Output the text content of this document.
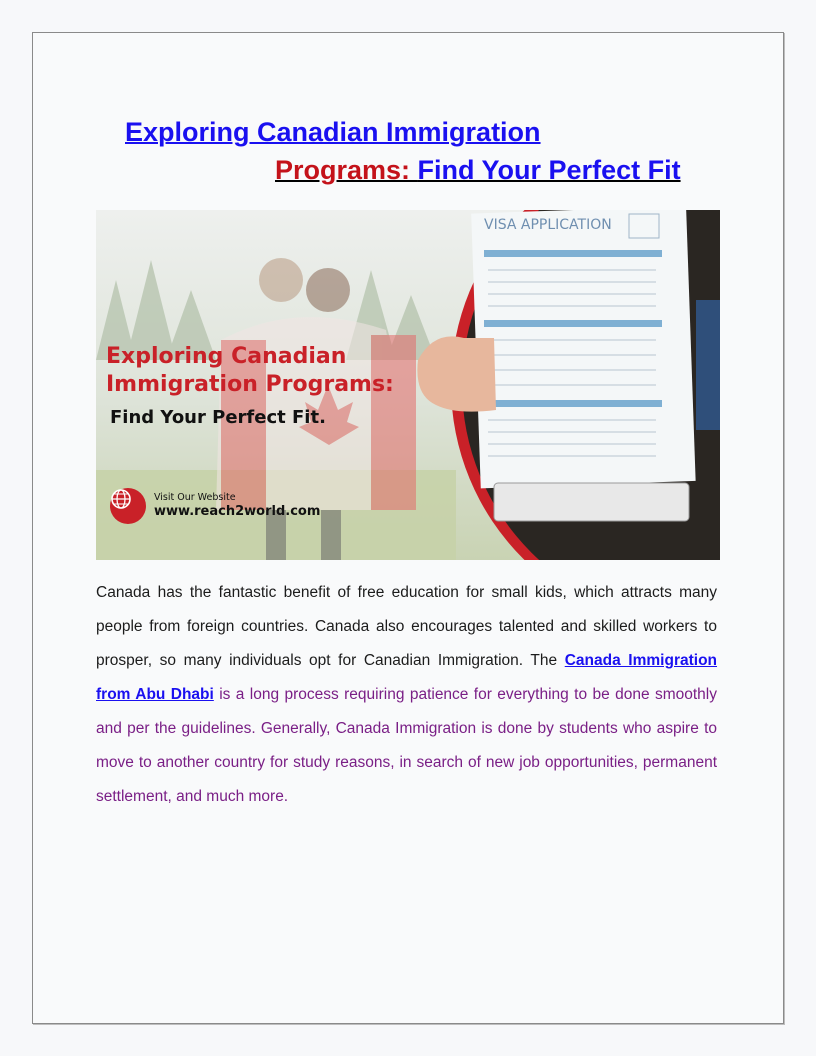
Exploring Canadian Immigration
Programs: Find Your Perfect Fit
VISA APPLICATION
Exploring Canadian
Immigration Programs:
Find Your Perfect Fit.
Visit Our Website
www.reach2world.com
Canada has the fantastic benefit of free education for small kids, which attracts many people from foreign countries. Canada also encourages talented and skilled workers to prosper, so many individuals opt for Canadian Immigration. The Canada Immigration from Abu Dhabi is a long process requiring patience for everything to be done smoothly and per the guidelines. Generally, Canada Immigration is done by students who aspire to move to another country for study reasons, in search of new job opportunities, permanent settlement, and much more.
